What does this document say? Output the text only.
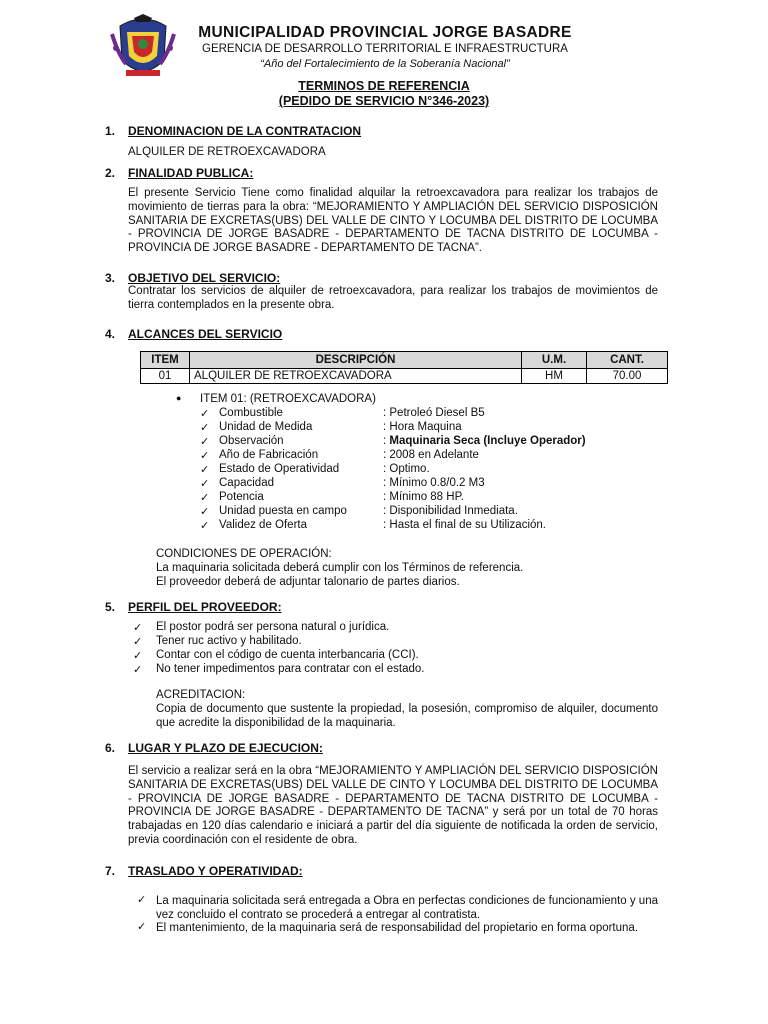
MUNICIPALIDAD PROVINCIAL JORGE BASADRE
GERENCIA DE DESARROLLO TERRITORIAL E INFRAESTRUCTURA
“Año del Fortalecimiento de la Soberanía Nacional”
TERMINOS DE REFERENCIA
(PEDIDO DE SERVICIO N°346-2023)
1. DENOMINACION DE LA CONTRATACION
ALQUILER DE RETROEXCAVADORA
2. FINALIDAD PUBLICA:
El presente Servicio Tiene como finalidad alquilar la retroexcavadora para realizar los trabajos de movimiento de tierras para la obra: “MEJORAMIENTO Y AMPLIACIÓN DEL SERVICIO DISPOSICIÓN SANITARIA DE EXCRETAS(UBS) DEL VALLE DE CINTO Y LOCUMBA DEL DISTRITO DE LOCUMBA - PROVINCIA DE JORGE BASADRE - DEPARTAMENTO DE TACNA DISTRITO DE LOCUMBA - PROVINCIA DE JORGE BASADRE - DEPARTAMENTO DE TACNA”.
3. OBJETIVO DEL SERVICIO:
Contratar los servicios de alquiler de retroexcavadora, para realizar los trabajos de movimientos de tierra contemplados en la presente obra.
4. ALCANCES DEL SERVICIO
ITEM	DESCRIPCIÓN	U.M.	CANT.
01	ALQUILER DE RETROEXCAVADORA	HM	70.00
● ITEM 01: (RETROEXCAVADORA)
✓ Combustible	: Petroleó Diesel B5
✓ Unidad de Medida	: Hora Maquina
✓ Observación	: Maquinaria Seca (Incluye Operador)
✓ Año de Fabricación	: 2008 en Adelante
✓ Estado de Operatividad	: Optimo.
✓ Capacidad	: Mínimo 0.8/0.2 M3
✓ Potencia	: Mínimo 88 HP.
✓ Unidad puesta en campo	: Disponibilidad Inmediata.
✓ Validez de Oferta	: Hasta el final de su Utilización.
CONDICIONES DE OPERACIÓN:
La maquinaria solicitada deberá cumplir con los Términos de referencia.
El proveedor deberá de adjuntar talonario de partes diarios.
5. PERFIL DEL PROVEEDOR:
✓ El postor podrá ser persona natural o jurídica.
✓ Tener ruc activo y habilitado.
✓ Contar con el código de cuenta interbancaria (CCI).
✓ No tener impedimentos para contratar con el estado.
ACREDITACION:
Copia de documento que sustente la propiedad, la posesión, compromiso de alquiler, documento que acredite la disponibilidad de la maquinaria.
6. LUGAR Y PLAZO DE EJECUCION:
El servicio a realizar será en la obra “MEJORAMIENTO Y AMPLIACIÓN DEL SERVICIO DISPOSICIÓN SANITARIA DE EXCRETAS(UBS) DEL VALLE DE CINTO Y LOCUMBA DEL DISTRITO DE LOCUMBA - PROVINCIA DE JORGE BASADRE - DEPARTAMENTO DE TACNA DISTRITO DE LOCUMBA - PROVINCIA DE JORGE BASADRE - DEPARTAMENTO DE TACNA” y será por un total de 70 horas trabajadas en 120 días calendario e iniciará a partir del día siguiente de notificada la orden de servicio, previa coordinación con el residente de obra.
7. TRASLADO Y OPERATIVIDAD:
✓ La maquinaria solicitada será entregada a Obra en perfectas condiciones de funcionamiento y una vez concluido el contrato se procederá a entregar al contratista.
✓ El mantenimiento, de la maquinaria será de responsabilidad del propietario en forma oportuna.
